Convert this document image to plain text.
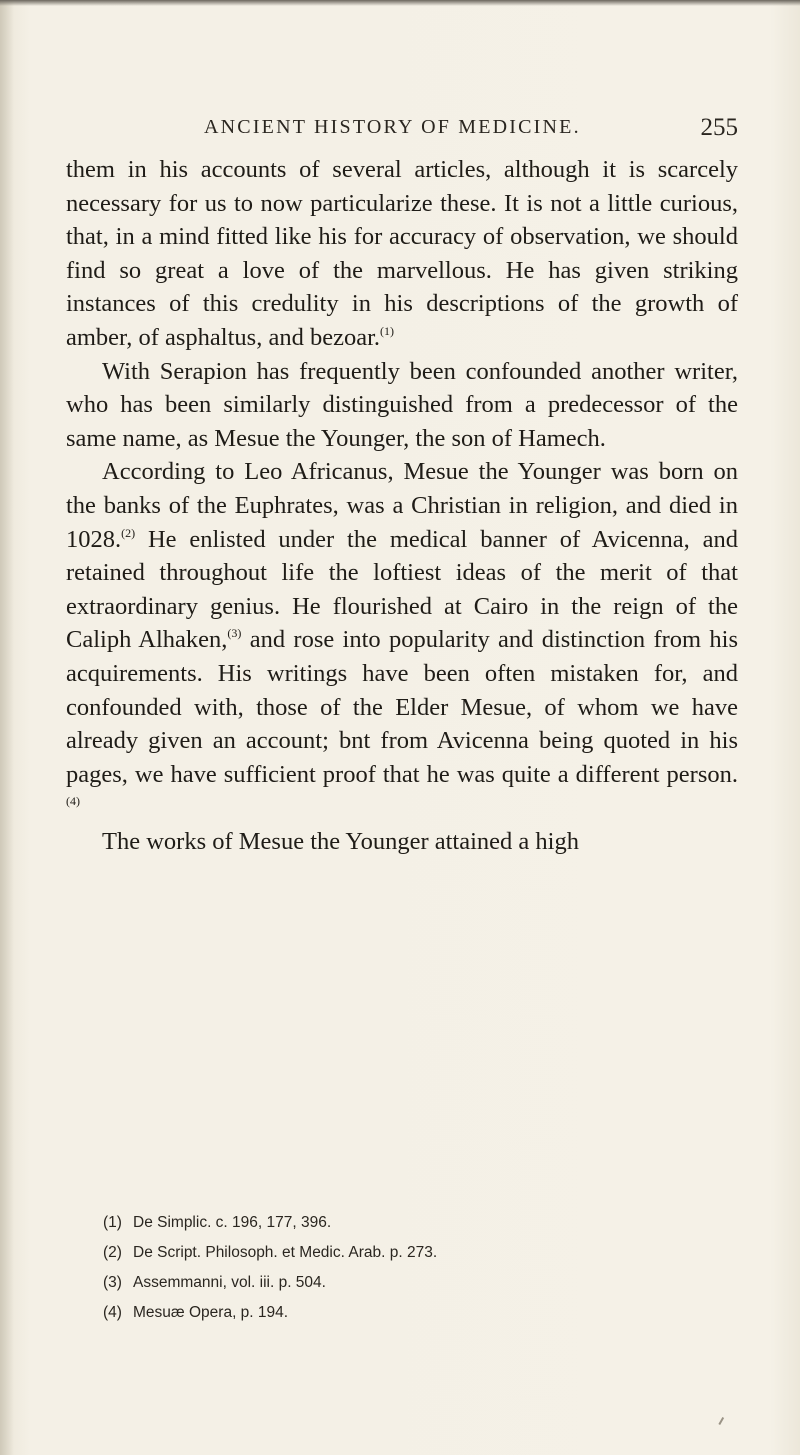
ANCIENT HISTORY OF MEDICINE.	255

them in his accounts of several articles, although it is scarcely necessary for us to now particularize these. It is not a little curious, that, in a mind fitted like his for accuracy of observation, we should find so great a love of the marvellous. He has given striking instances of this credulity in his descriptions of the growth of amber, of asphaltus, and bezoar.$^{(1)}$

With Serapion has frequently been confounded another writer, who has been similarly distinguished from a predecessor of the same name, as Mesue the Younger, the son of Hamech.

According to Leo Africanus, Mesue the Younger was born on the banks of the Euphrates, was a Christian in religion, and died in 1028.$^{(2)}$ He enlisted under the medical banner of Avicenna, and retained throughout life the loftiest ideas of the merit of that extraordinary genius. He flourished at Cairo in the reign of the Caliph Alhaken,$^{(3)}$ and rose into popularity and distinction from his acquirements. His writings have been often mistaken for, and confounded with, those of the Elder Mesue, of whom we have already given an account; bnt from Avicenna being quoted in his pages, we have sufficient proof that he was quite a different person.$^{(4)}$

The works of Mesue the Younger attained a high

(1) De Simplic. c. 196, 177, 396.
(2) De Script. Philosoph. et Medic. Arab. p. 273.
(3) Assemmanni, vol. iii. p. 504.
(4) Mesuæ Opera, p. 194.
